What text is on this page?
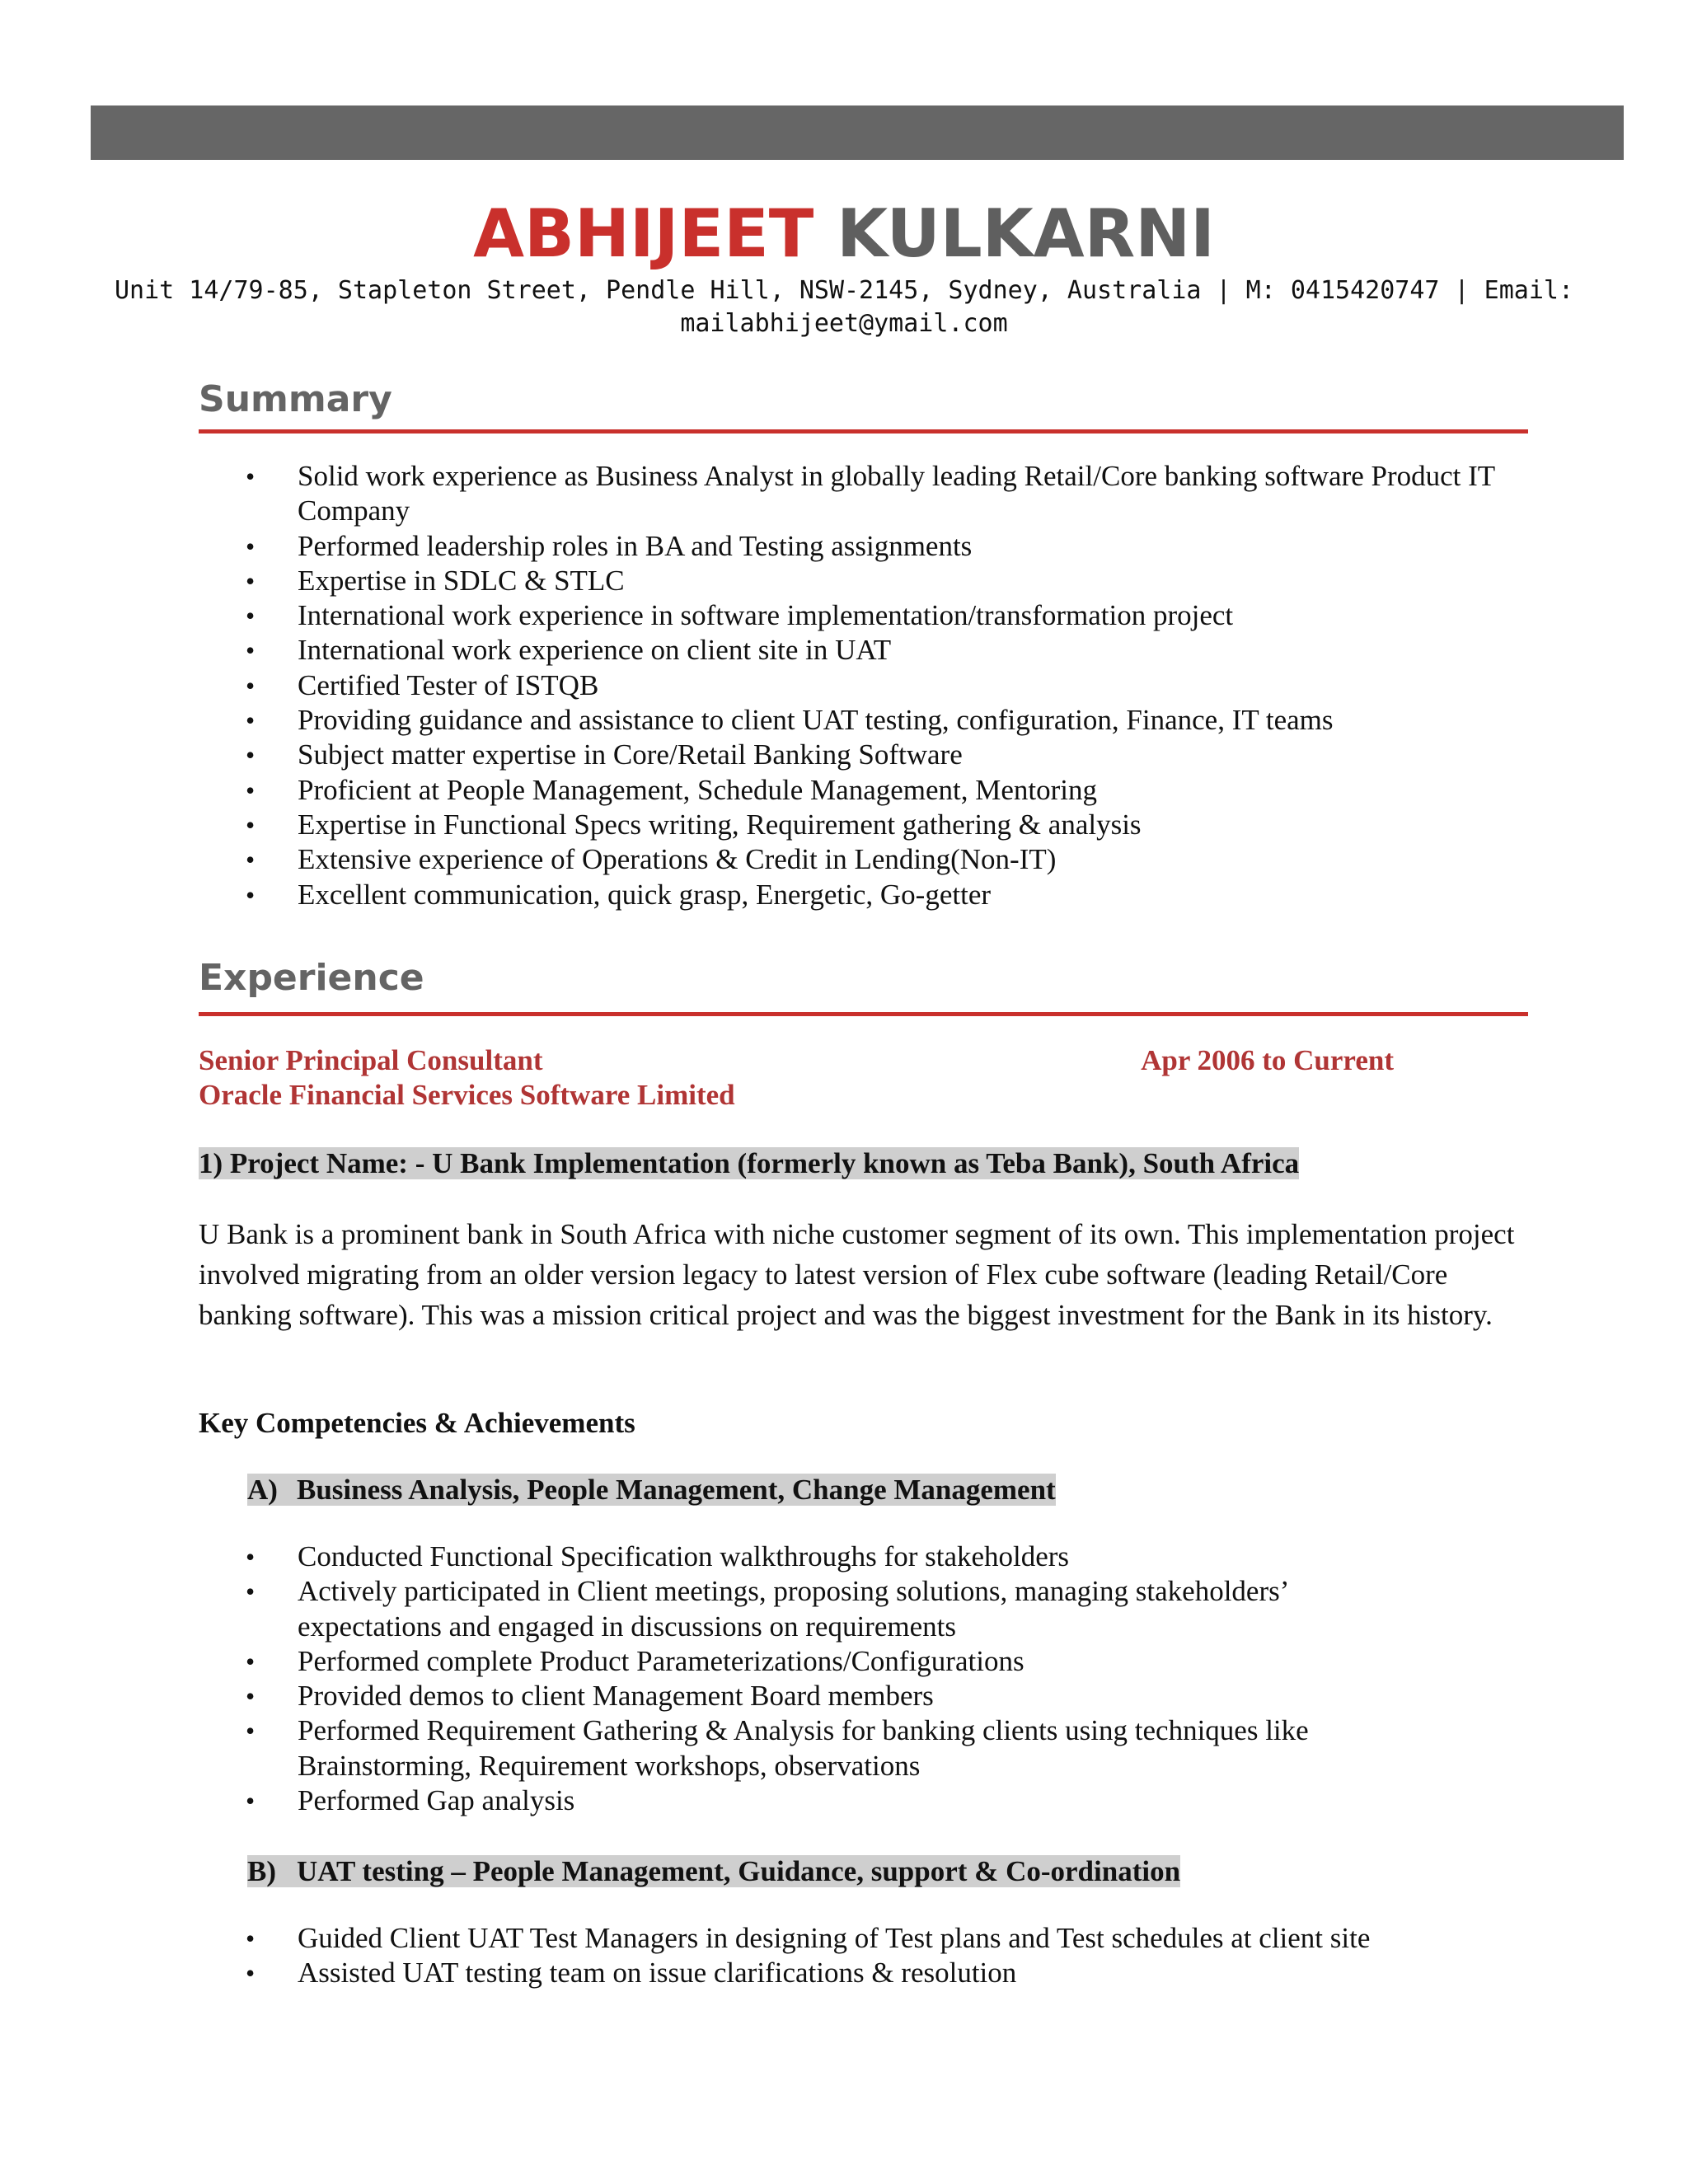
ABHIJEET KULKARNI
Unit 14/79-85, Stapleton Street, Pendle Hill, NSW-2145, Sydney, Australia | M: 0415420747 | Email:
mailabhijeet@ymail.com
Summary
• Solid work experience as Business Analyst in globally leading Retail/Core banking software Product IT Company
• Performed leadership roles in BA and Testing assignments
• Expertise in SDLC & STLC
• International work experience in software implementation/transformation project
• International work experience on client site in UAT
• Certified Tester of ISTQB
• Providing guidance and assistance to client UAT testing, configuration, Finance, IT teams
• Subject matter expertise in Core/Retail Banking Software
• Proficient at People Management, Schedule Management, Mentoring
• Expertise in Functional Specs writing, Requirement gathering & analysis
• Extensive experience of Operations & Credit in Lending(Non-IT)
• Excellent communication, quick grasp, Energetic, Go-getter
Experience
Senior Principal Consultant	Apr 2006 to Current
Oracle Financial Services Software Limited
1) Project Name: - U Bank Implementation (formerly known as Teba Bank), South Africa
U Bank is a prominent bank in South Africa with niche customer segment of its own. This implementation project involved migrating from an older version legacy to latest version of Flex cube software (leading Retail/Core banking software). This was a mission critical project and was the biggest investment for the Bank in its history.
Key Competencies & Achievements
A) Business Analysis, People Management, Change Management
• Conducted Functional Specification walkthroughs for stakeholders
• Actively participated in Client meetings, proposing solutions, managing stakeholders’ expectations and engaged in discussions on requirements
• Performed complete Product Parameterizations/Configurations
• Provided demos to client Management Board members
• Performed Requirement Gathering & Analysis for banking clients using techniques like Brainstorming, Requirement workshops, observations
• Performed Gap analysis
B) UAT testing – People Management, Guidance, support & Co-ordination
• Guided Client UAT Test Managers in designing of Test plans and Test schedules at client site
• Assisted UAT testing team on issue clarifications & resolution
